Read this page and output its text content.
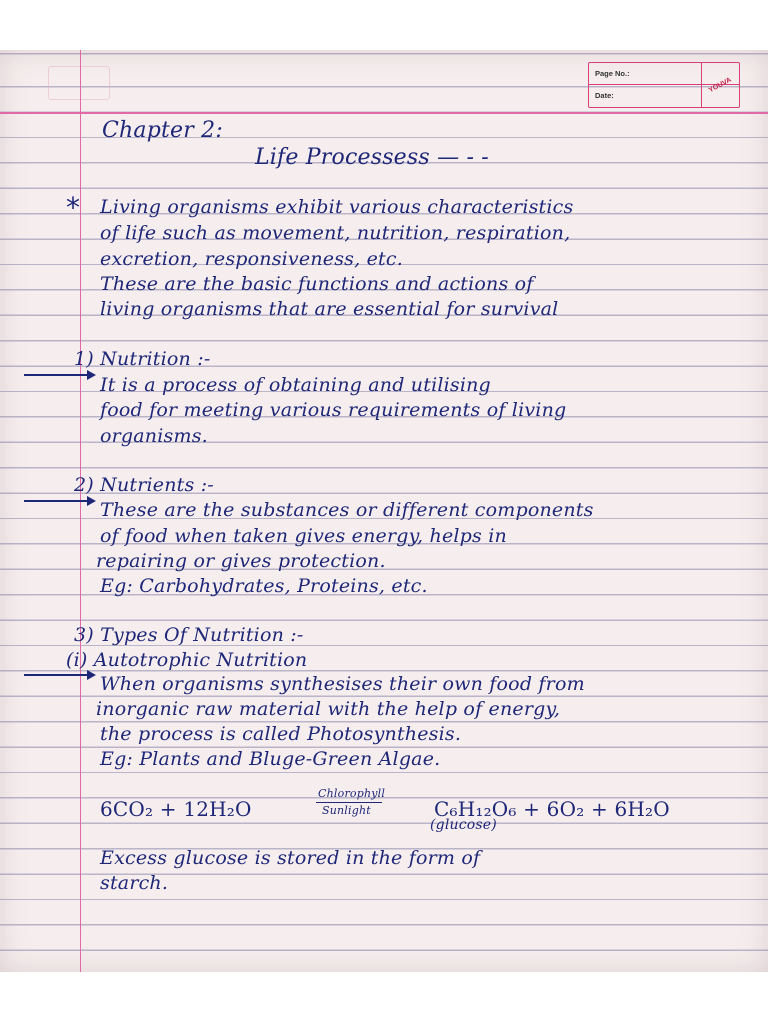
Page No.:
Date:
YOUVA
Chapter 2:
Life Processess — - -
* Living organisms exhibit various characteristics
of life such as movement, nutrition, respiration,
excretion, responsiveness, etc.
These are the basic functions and actions of
living organisms that are essential for survival
1) Nutrition :-
It is a process of obtaining and utilising
food for meeting various requirements of living
organisms.
2) Nutrients :-
These are the substances or different components
of food when taken gives energy, helps in
repairing or gives protection.
Eg: Carbohydrates, Proteins, etc.
3) Types Of Nutrition :-
(i) Autotrophic Nutrition
When organisms synthesises their own food from
inorganic raw material with the help of energy,
the process is called Photosynthesis.
Eg: Plants and Bluge-Green Algae.
6CO₂ + 12H₂O
Chlorophyll
Sunlight	C₆H₁₂O₆ + 6O₂ + 6H₂O
(glucose)
Excess glucose is stored in the form of
starch.
